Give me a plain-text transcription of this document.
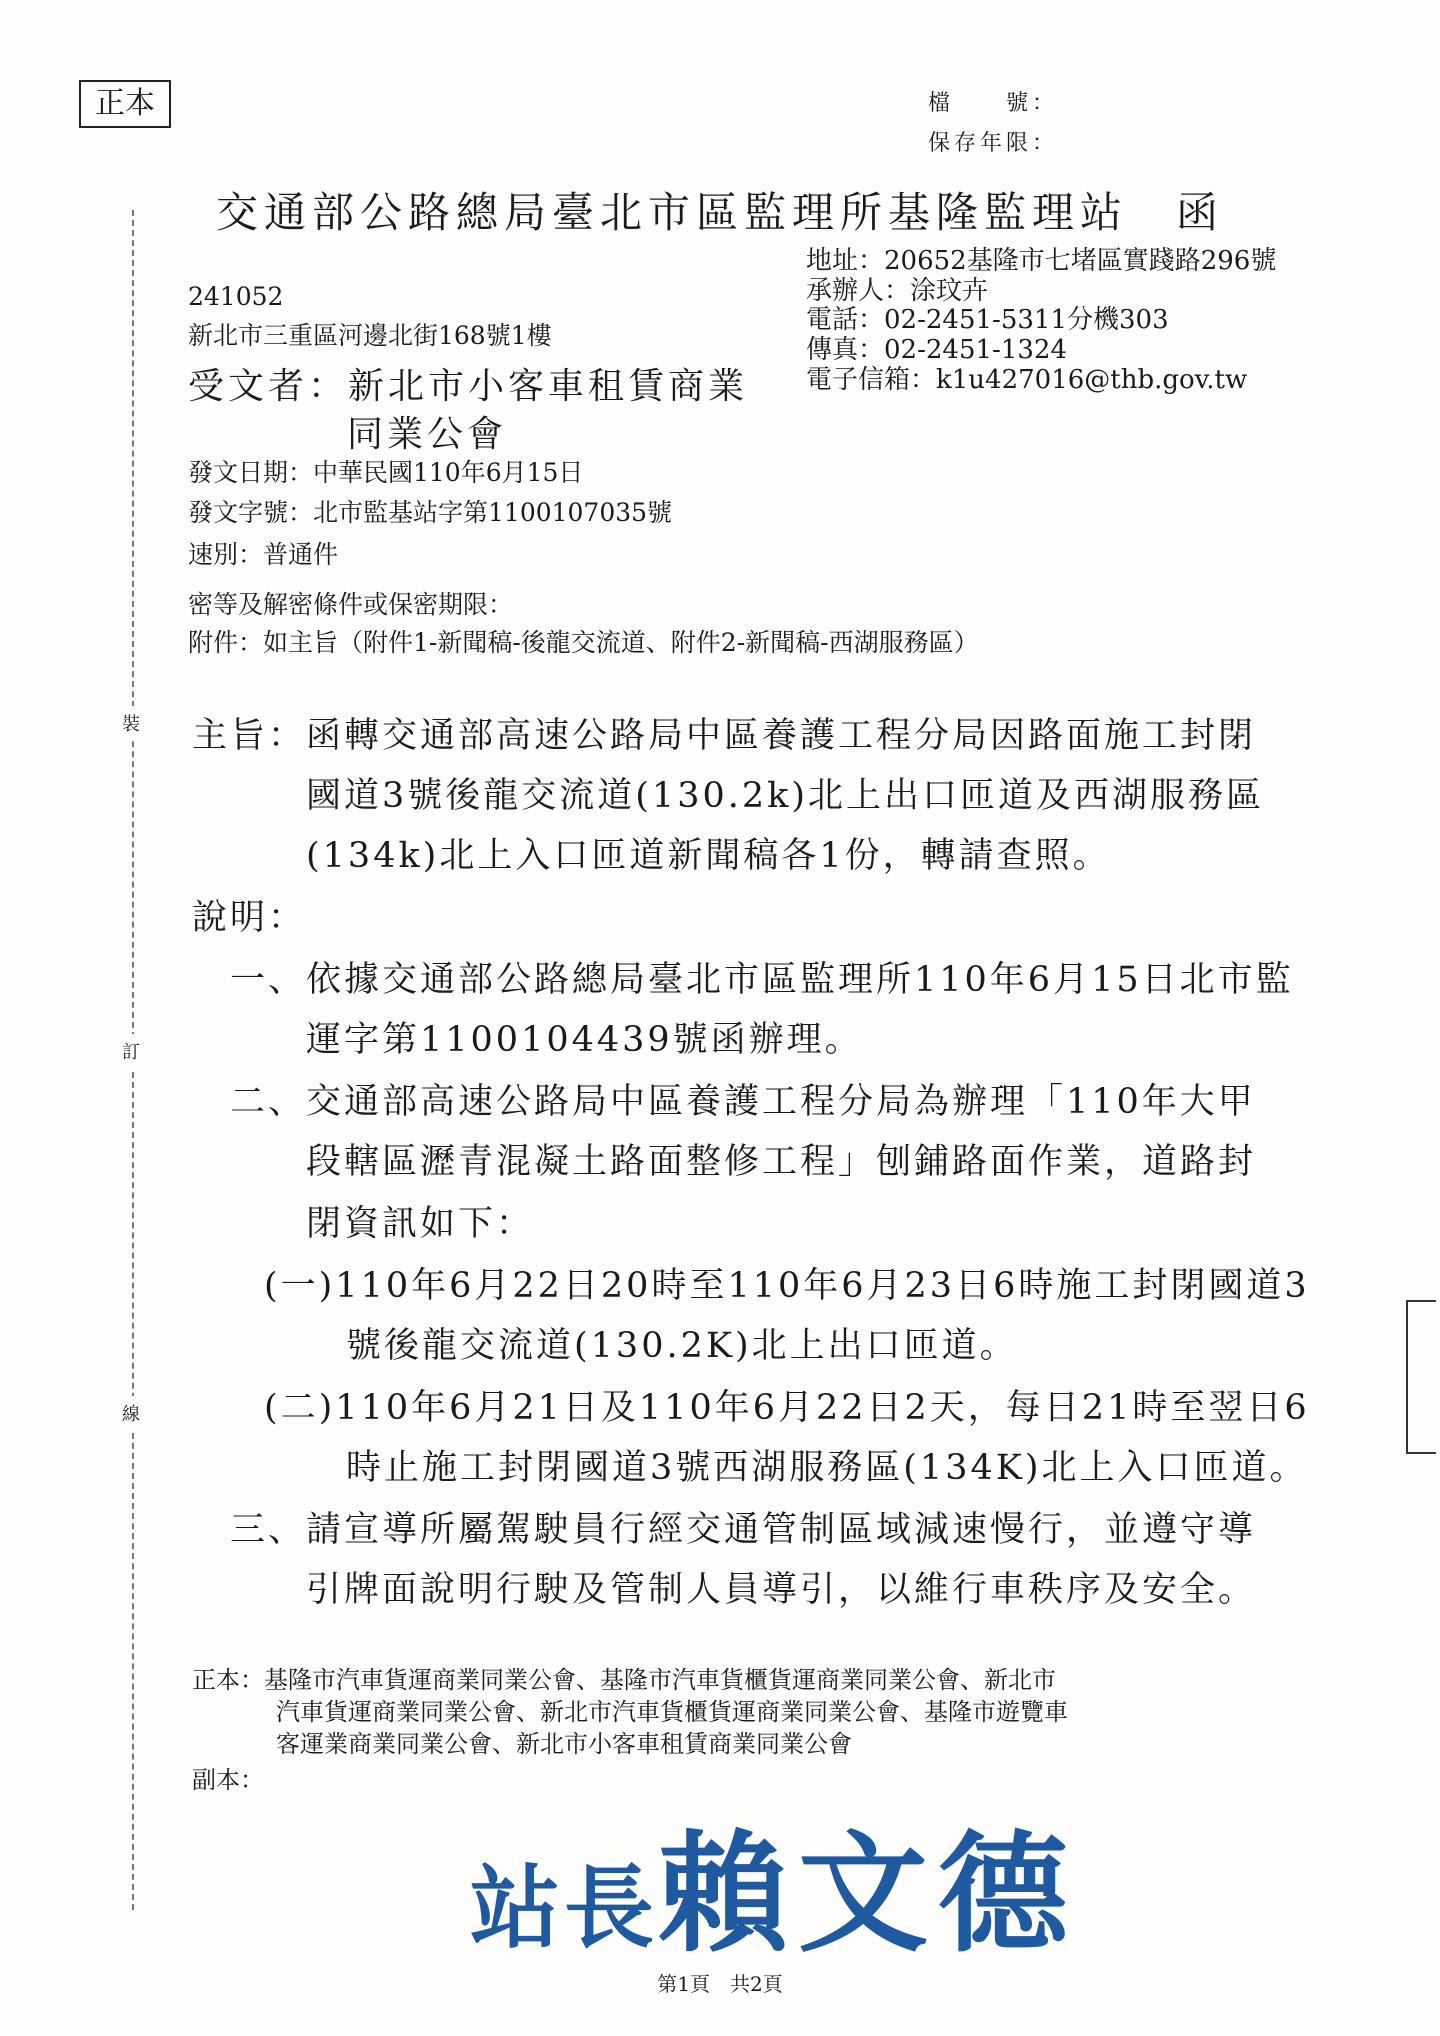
正本	檔　　號：
保存年限：
交通部公路總局臺北市區監理所基隆監理站　函
地址：20652基隆市七堵區實踐路296號
承辦人：涂玟卉
電話：02-2451-5311分機303
傳真：02-2451-1324
電子信箱：k1u427016@thb.gov.tw
241052
新北市三重區河邊北街168號1樓
受文者：新北市小客車租賃商業
同業公會
發文日期：中華民國110年6月15日
發文字號：北市監基站字第1100107035號
速別：普通件
密等及解密條件或保密期限：
附件：如主旨（附件1-新聞稿-後龍交流道、附件2-新聞稿-西湖服務區）
主旨：函轉交通部高速公路局中區養護工程分局因路面施工封閉
國道3號後龍交流道(130.2k)北上出口匝道及西湖服務區
(134k)北上入口匝道新聞稿各1份，轉請查照。
說明：
一、依據交通部公路總局臺北市區監理所110年6月15日北市監
運字第1100104439號函辦理。
二、交通部高速公路局中區養護工程分局為辦理「110年大甲
段轄區瀝青混凝土路面整修工程」刨鋪路面作業，道路封
閉資訊如下：
(一)110年6月22日20時至110年6月23日6時施工封閉國道3
號後龍交流道(130.2K)北上出口匝道。
(二)110年6月21日及110年6月22日2天，每日21時至翌日6
時止施工封閉國道3號西湖服務區(134K)北上入口匝道。
三、請宣導所屬駕駛員行經交通管制區域減速慢行，並遵守導
引牌面說明行駛及管制人員導引，以維行車秩序及安全。
正本：基隆市汽車貨運商業同業公會、基隆市汽車貨櫃貨運商業同業公會、新北市
汽車貨運商業同業公會、新北市汽車貨櫃貨運商業同業公會、基隆市遊覽車
客運業商業同業公會、新北市小客車租賃商業同業公會
副本：
裝
訂
線
站長賴文德
第1頁　共2頁
